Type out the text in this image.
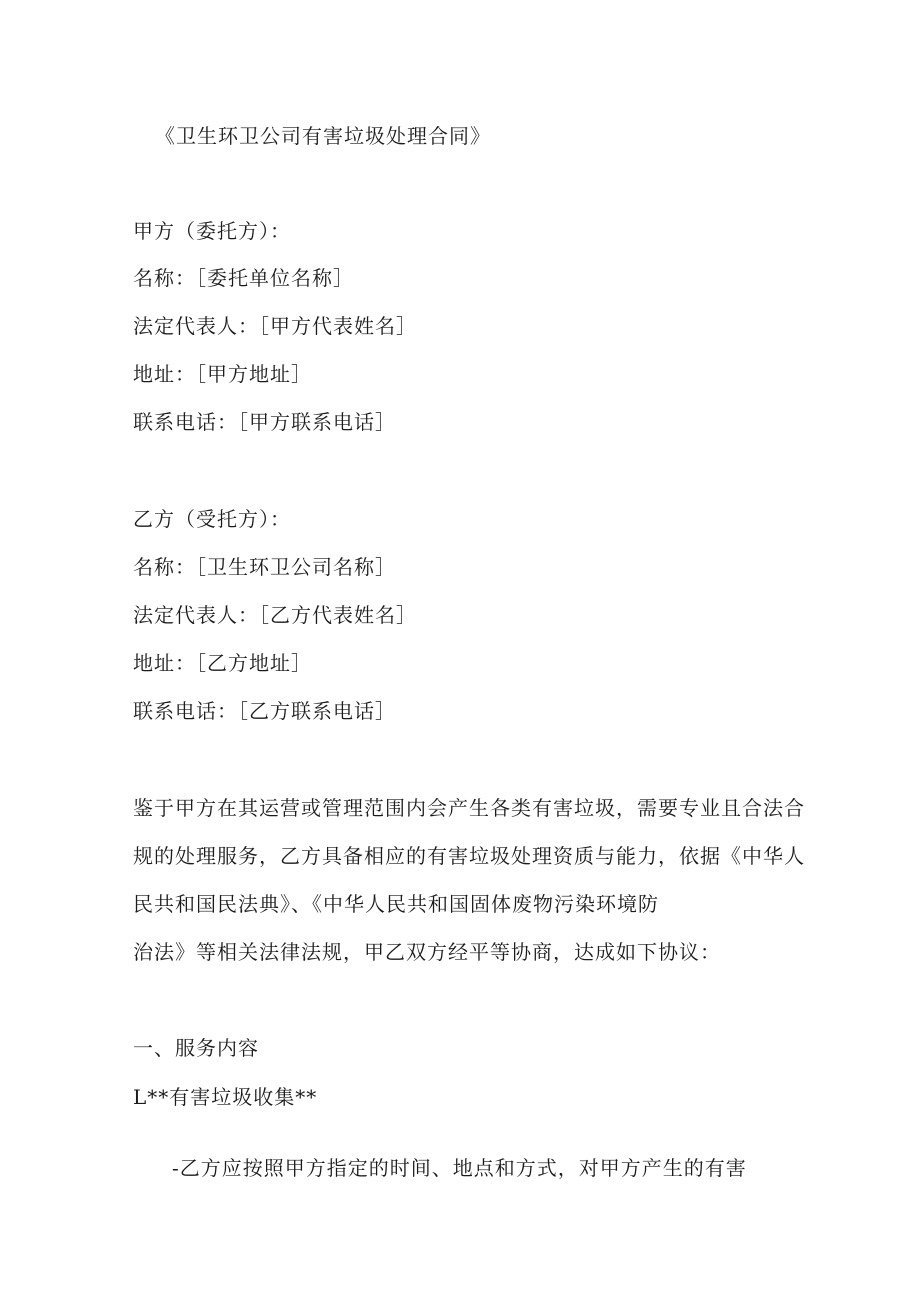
《卫生环卫公司有害垃圾处理合同》
甲方（委托方）：
名称：［委托单位名称］
法定代表人：［甲方代表姓名］
地址：［甲方地址］
联系电话：［甲方联系电话］
乙方（受托方）：
名称：［卫生环卫公司名称］
法定代表人：［乙方代表姓名］
地址：［乙方地址］
联系电话：［乙方联系电话］
鉴于甲方在其运营或管理范围内会产生各类有害垃圾，需要专业且合法合
规的处理服务，乙方具备相应的有害垃圾处理资质与能力，依据《中华人
民共和国民法典》、《中华人民共和国固体废物污染环境防
治法》等相关法律法规，甲乙双方经平等协商，达成如下协议：
一、服务内容
L**有害垃圾收集**
-乙方应按照甲方指定的时间、地点和方式，对甲方产生的有害
